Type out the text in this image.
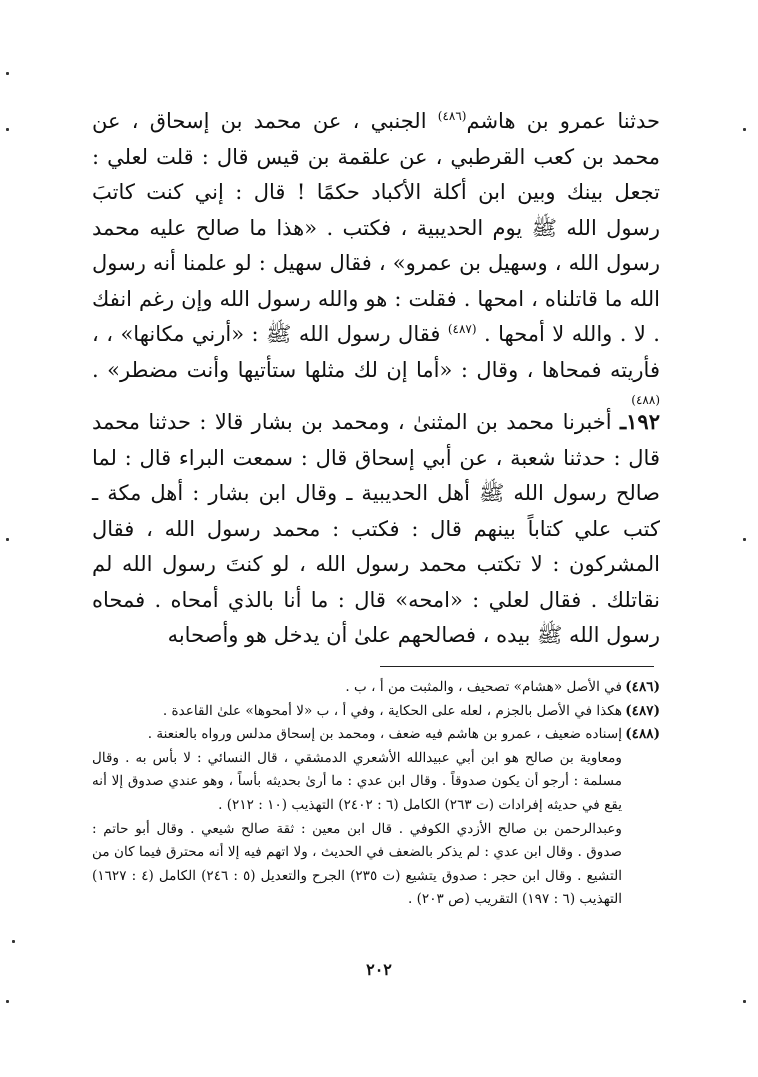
حدثنا عمرو بن هاشم$^{(٤٨٦)}$ الجنبي ، عن محمد بن إسحاق ، عن محمد بن كعب القرطبي ، عن علقمة بن قيس قال : قلت لعلي : تجعل بينك وبين ابن أكلة الأكباد حكمًا ! قال : إني كنت كاتبَ رسول الله ﷺ يوم الحديبية ، فكتب . «هذا ما صالح عليه محمد رسول الله ، وسهيل بن عمرو» ، فقال سهيل : لو علمنا أنه رسول الله ما قاتلناه ، امحها . فقلت : هو والله رسول الله وإن رغم انفك . لا . والله لا أمحها . $^{(٤٨٧)}$ فقال رسول الله ﷺ : «أرني مكانها» ، ، فأريته فمحاها ، وقال : «أما إن لك مثلها ستأتيها وأنت مضطر» . $^{(٤٨٨)}$

١٩٢ـ أخبرنا محمد بن المثنىٰ ، ومحمد بن بشار قالا : حدثنا محمد قال : حدثنا شعبة ، عن أبي إسحاق قال : سمعت البراء قال : لما صالح رسول الله ﷺ أهل الحديبية ـ وقال ابن بشار : أهل مكة ـ كتب علي كتاباً بينهم قال : فكتب : محمد رسول الله ، فقال المشركون : لا تكتب محمد رسول الله ، لو كنتَ رسول الله لم نقاتلك . فقال لعلي : «امحه» قال : ما أنا بالذي أمحاه . فمحاه رسول الله ﷺ بيده ، فصالحهم علىٰ أن يدخل هو وأصحابه

(٤٨٦)
في الأصل «هشام» تصحيف ، والمثبت من أ ، ب .
(٤٨٧)
هكذا في الأصل بالجزم ، لعله على الحكاية ، وفي أ ، ب «لا أمحوها» علىٰ القاعدة .
(٤٨٨)
إسناده ضعيف ، عمرو بن هاشم فيه ضعف ، ومحمد بن إسحاق مدلس ورواه بالعنعنة .
ومعاوية بن صالح هو ابن أبي عبيدالله الأشعري الدمشقي ، قال النسائي : لا بأس به . وقال مسلمة : أرجو أن يكون صدوقاً . وقال ابن عدي : ما أرىٰ بحديثه بأساً ، وهو عندي صدوق إلا أنه يقع في حديثه إفرادات (ت ٢٦٣) الكامل (٦ : ٢٤٠٢) التهذيب (١٠ : ٢١٢) .
وعبدالرحمن بن صالح الأزدي الكوفي . قال ابن معين : ثقة صالح شيعي . وقال أبو حاتم : صدوق . وقال ابن عدي : لم يذكر بالضعف في الحديث ، ولا اتهم فيه إلا أنه محترق فيما كان من التشيع . وقال ابن حجر : صدوق يتشيع (ت ٢٣٥) الجرح والتعديل (٥ : ٢٤٦) الكامل (٤ : ١٦٢٧) التهذيب (٦ : ١٩٧) التقريب (ص ٢٠٣) .
٢٠٢
